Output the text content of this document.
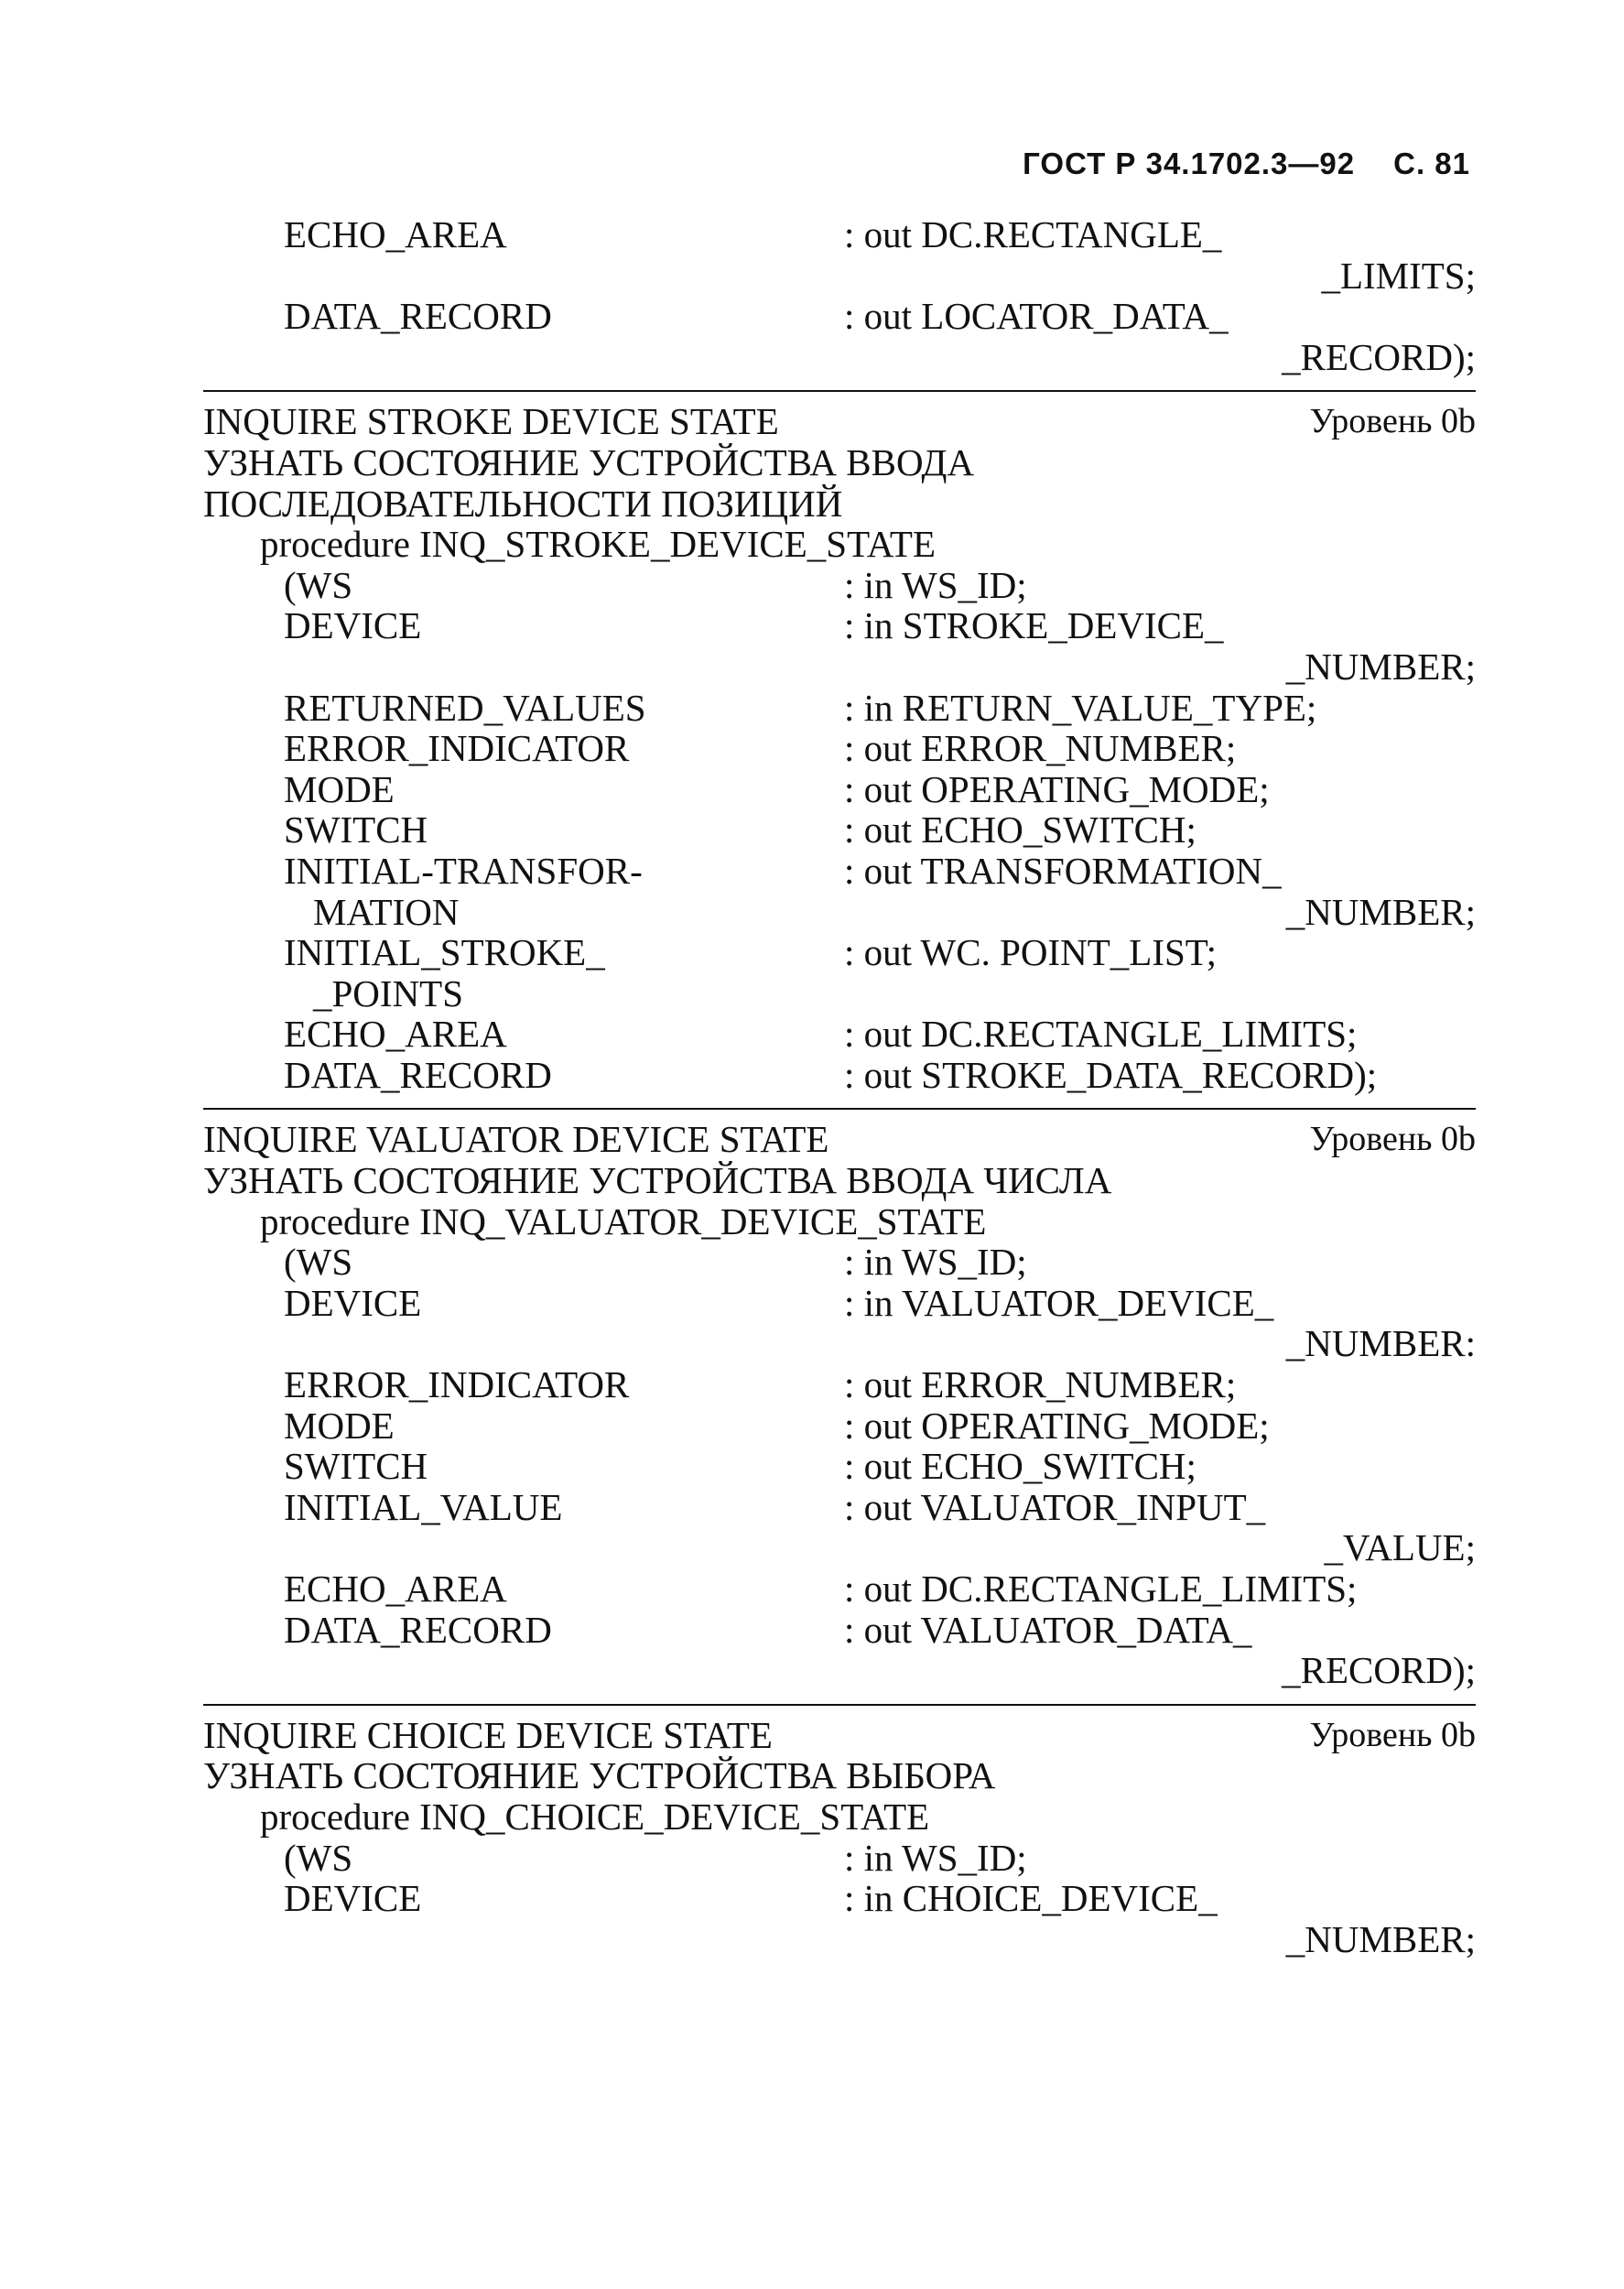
ГОСТ Р 34.1702.3—92 С. 81
ECHO_AREA	: out DC.RECTANGLE_
_LIMITS;
DATA_RECORD	: out LOCATOR_DATA_
_RECORD);
INQUIRE STROKE DEVICE STATE	Уровень 0b
УЗНАТЬ СОСТОЯНИЕ УСТРОЙСТВА ВВОДА
ПОСЛЕДОВАТЕЛЬНОСТИ ПОЗИЦИЙ
procedure INQ_STROKE_DEVICE_STATE
(WS	: in WS_ID;
DEVICE	: in STROKE_DEVICE_
_NUMBER;
RETURNED_VALUES	: in RETURN_VALUE_TYPE;
ERROR_INDICATOR	: out ERROR_NUMBER;
MODE	: out OPERATING_MODE;
SWITCH	: out ECHO_SWITCH;
INITIAL-TRANSFOR-	: out TRANSFORMATION_
MATION	_NUMBER;
INITIAL_STROKE_	: out WC. POINT_LIST;
_POINTS
ECHO_AREA	: out DC.RECTANGLE_LIMITS;
DATA_RECORD	: out STROKE_DATA_RECORD);
INQUIRE VALUATOR DEVICE STATE	Уровень 0b
УЗНАТЬ СОСТОЯНИЕ УСТРОЙСТВА ВВОДА ЧИСЛА
procedure INQ_VALUATOR_DEVICE_STATE
(WS	: in WS_ID;
DEVICE	: in VALUATOR_DEVICE_
_NUMBER:
ERROR_INDICATOR	: out ERROR_NUMBER;
MODE	: out OPERATING_MODE;
SWITCH	: out ECHO_SWITCH;
INITIAL_VALUE	: out VALUATOR_INPUT_
_VALUE;
ECHO_AREA	: out DC.RECTANGLE_LIMITS;
DATA_RECORD	: out VALUATOR_DATA_
_RECORD);
INQUIRE CHOICE DEVICE STATE	Уровень 0b
УЗНАТЬ СОСТОЯНИЕ УСТРОЙСТВА ВЫБОРА
procedure INQ_CHOICE_DEVICE_STATE
(WS	: in WS_ID;
DEVICE	: in CHOICE_DEVICE_
_NUMBER;
